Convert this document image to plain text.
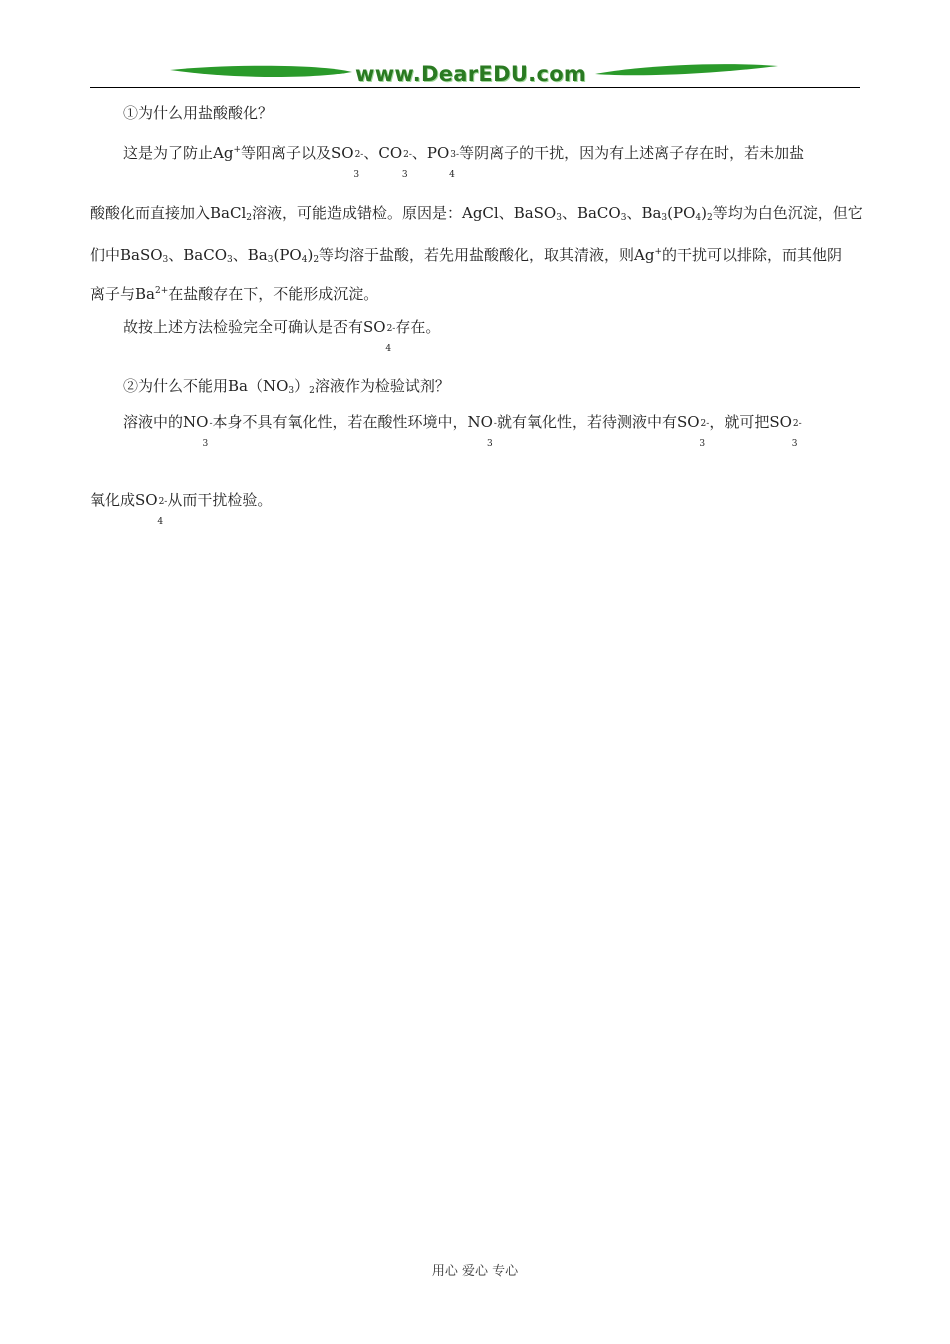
www.DearEDU.com
①为什么用盐酸酸化？
这是为了防止Ag+等阳离子以及SO2-
3
、CO2-
3
、PO3-
4
等阴离子的干扰，因为有上述离子存在时，若未加盐
酸酸化而直接加入BaCl2溶液，可能造成错检。原因是：AgCl、BaSO3、BaCO3、Ba3(PO4)2等均为白色沉淀，但它
们中BaSO3、BaCO3、Ba3(PO4)2等均溶于盐酸，若先用盐酸酸化，取其清液，则Ag+的干扰可以排除，而其他阴
离子与$Ba^{2+}$在盐酸存在下，不能形成沉淀。
故按上述方法检验完全可确认是否有SO2-
4
存在。
②为什么不能用Ba（NO3）2溶液作为检验试剂？
溶液中的NO-
3
本身不具有氧化性，若在酸性环境中，NO-
3
就有氧化性，若待测液中有SO2-
3
，就可把SO2-
3
氧化成SO2-
4
从而干扰检验。
用心 爱心 专心
